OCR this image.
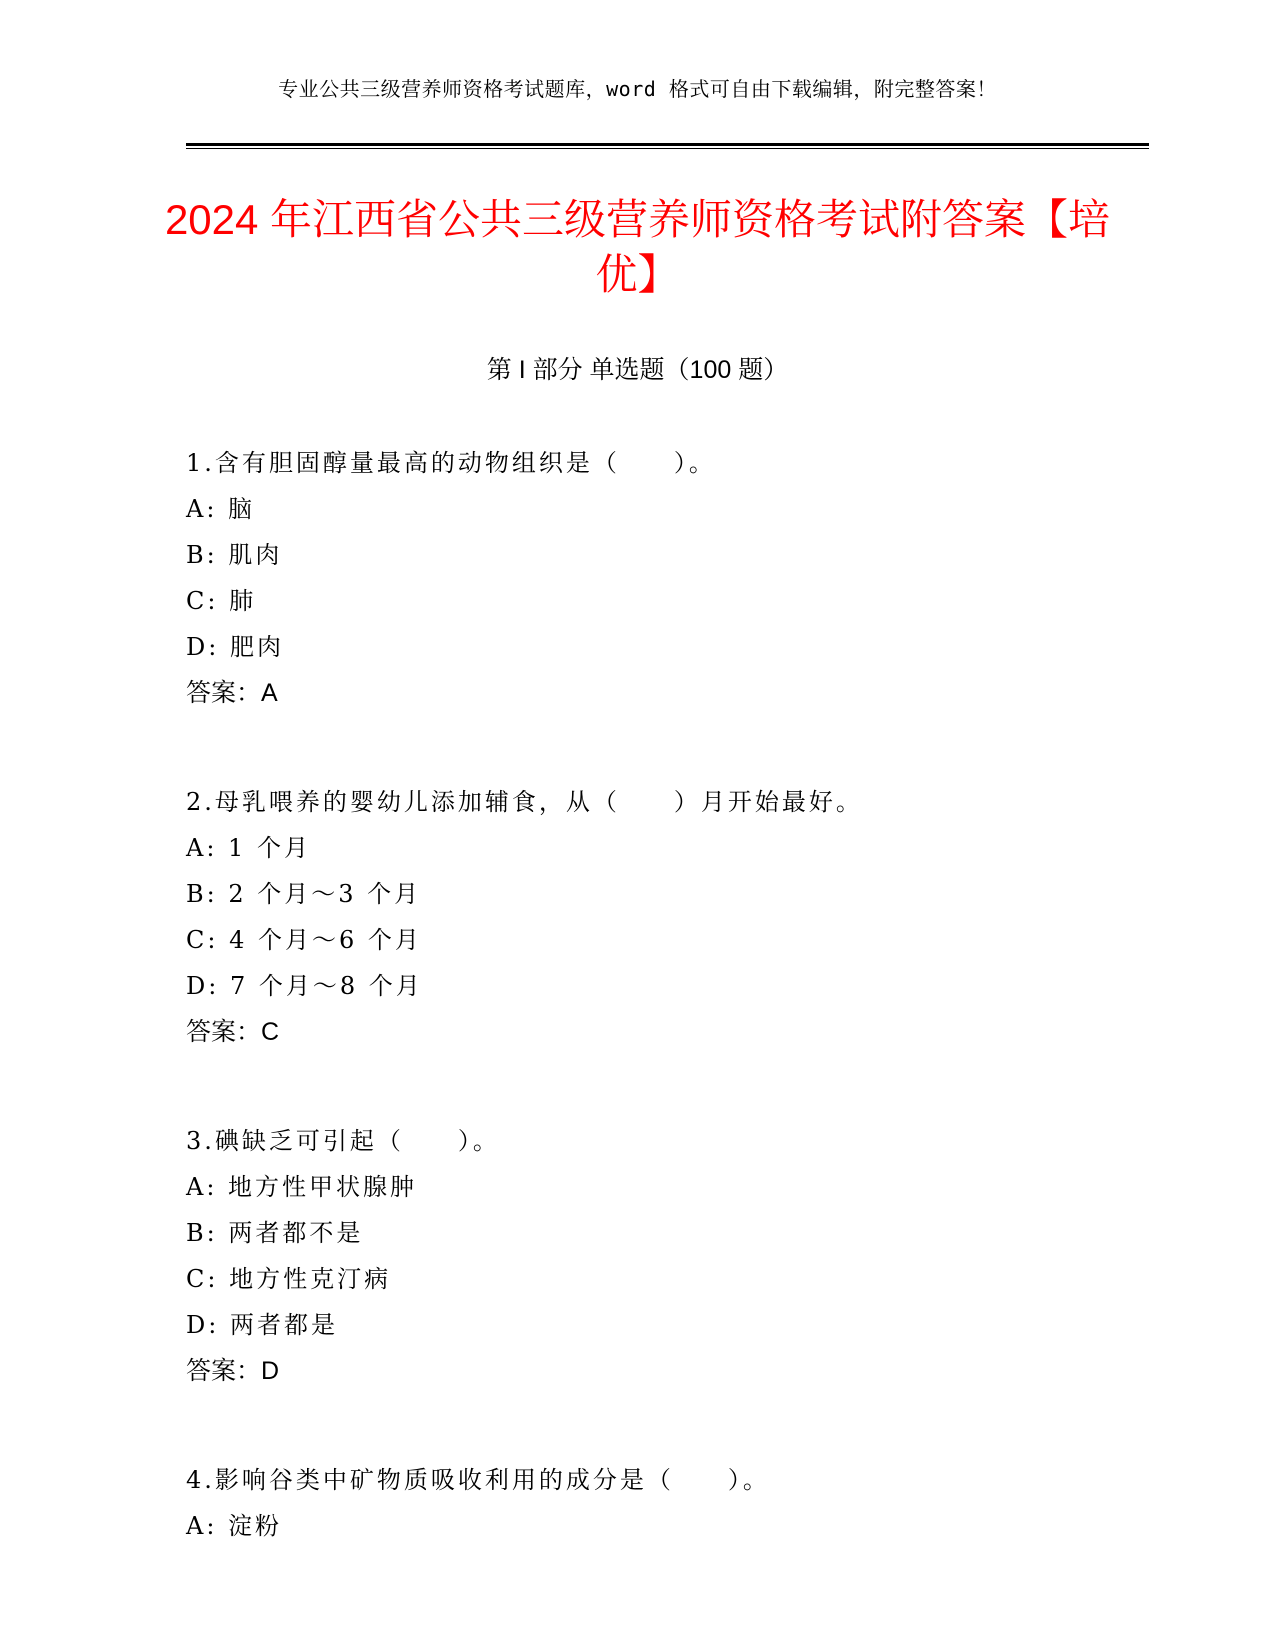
专业公共三级营养师资格考试题库，word 格式可自由下载编辑，附完整答案！
2024 年江西省公共三级营养师资格考试附答案【培优】
第 I 部分 单选题（100 题）
1.含有胆固醇量最高的动物组织是（　　）。
A: 脑
B: 肌肉
C: 肺
D: 肥肉
答案：A
2.母乳喂养的婴幼儿添加辅食，从（　　）月开始最好。
A: 1 个月
B: 2 个月～3 个月
C: 4 个月～6 个月
D: 7 个月～8 个月
答案：C
3.碘缺乏可引起（　　）。
A: 地方性甲状腺肿
B: 两者都不是
C: 地方性克汀病
D: 两者都是
答案：D
4.影响谷类中矿物质吸收利用的成分是（　　）。
A: 淀粉
